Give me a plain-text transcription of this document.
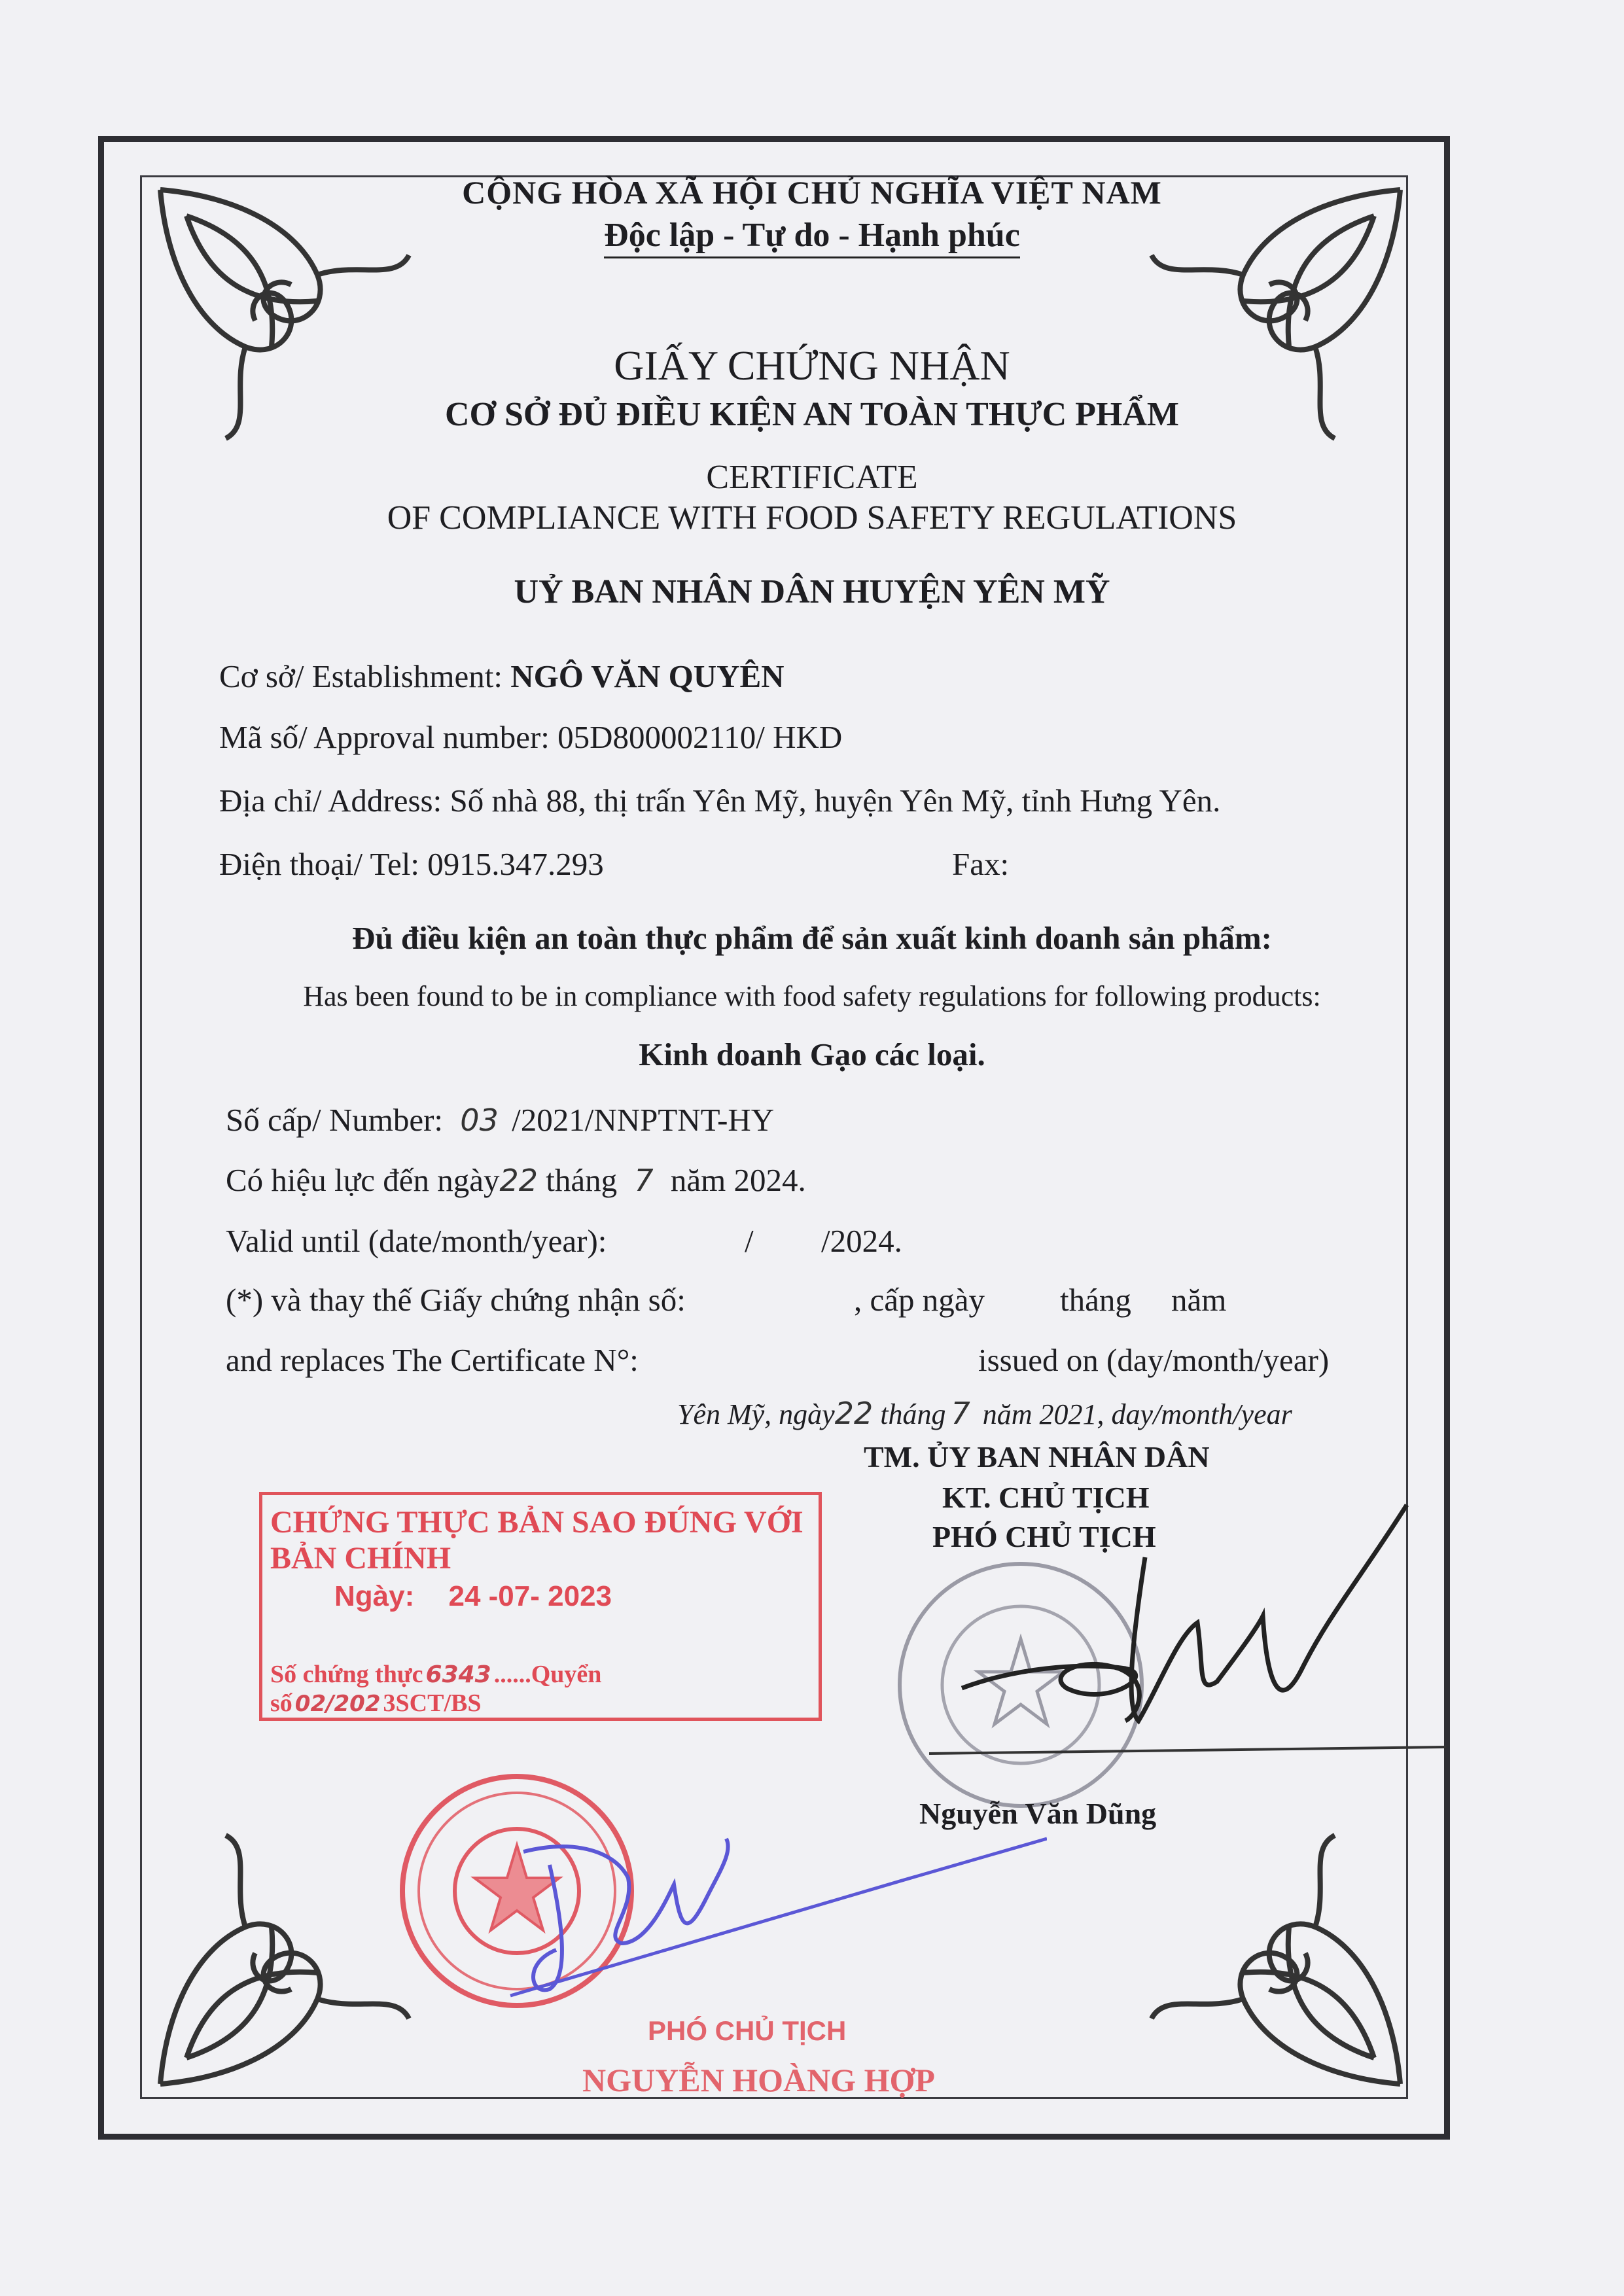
CỘNG HÒA XÃ HỘI CHỦ NGHĨA VIỆT NAM
Độc lập - Tự do - Hạnh phúc
GIẤY CHỨNG NHẬN
CƠ SỞ ĐỦ ĐIỀU KIỆN AN TOÀN THỰC PHẨM
CERTIFICATE
OF COMPLIANCE WITH FOOD SAFETY REGULATIONS
UỶ BAN NHÂN DÂN HUYỆN YÊN MỸ
Cơ sở/ Establishment: NGÔ VĂN QUYÊN
Mã số/ Approval number: 05D800002110/ HKD
Địa chỉ/ Address: Số nhà 88, thị trấn Yên Mỹ, huyện Yên Mỹ, tỉnh Hưng Yên.
Điện thoại/ Tel: 0915.347.293	Fax:
Đủ điều kiện an toàn thực phẩm để sản xuất kinh doanh sản phẩm:
Has been found to be in compliance with food safety regulations for following products:
Kinh doanh Gạo các loại.
Số cấp/ Number: 03 /2021/NNPTNT-HY
Có hiệu lực đến ngày22 tháng 7 năm 2024.
Valid until (date/month/year):	/ /2024.
(*) và thay thế Giấy chứng nhận số:	, cấp ngày tháng năm
and replaces The Certificate N°:	issued on (day/month/year)
Yên Mỹ, ngày22 tháng 7 năm 2021, day/month/year
TM. ỦY BAN NHÂN DÂN
KT. CHỦ TỊCH
PHÓ CHỦ TỊCH
Nguyễn Văn Dũng
CHỨNG THỰC BẢN SAO ĐÚNG VỚI BẢN CHÍNH
Ngày: 24 -07- 2023
Số chứng thực 6343 ......Quyển số 02/202 3SCT/BS
PHÓ CHỦ TỊCH
NGUYỄN HOÀNG HỢP
